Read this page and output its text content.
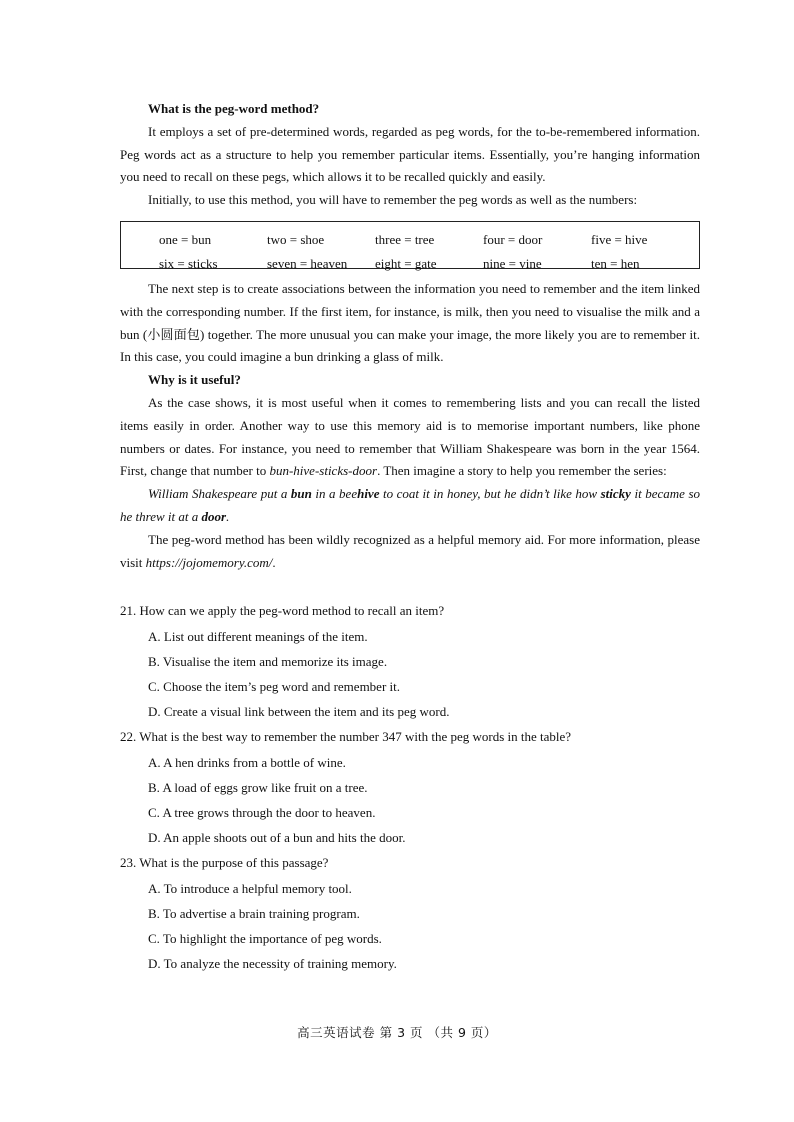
What is the peg-word method?

It employs a set of pre-determined words, regarded as peg words, for the to-be-remembered information. Peg words act as a structure to help you remember particular items. Essentially, you’re hanging information you need to recall on these pegs, which allows it to be recalled quickly and easily.

Initially, to use this method, you will have to remember the peg words as well as the numbers:

one = bun	two = shoe	three = tree	four = door	five = hive
six = sticks	seven = heaven	eight = gate	nine = vine	ten = hen

The next step is to create associations between the information you need to remember and the item linked with the corresponding number. If the first item, for instance, is milk, then you need to visualise the milk and a bun (小圆面包) together. The more unusual you can make your image, the more likely you are to remember it. In this case, you could imagine a bun drinking a glass of milk.

Why is it useful?

As the case shows, it is most useful when it comes to remembering lists and you can recall the listed items easily in order. Another way to use this memory aid is to memorise important numbers, like phone numbers or dates. For instance, you need to remember that William Shakespeare was born in the year 1564. First, change that number to bun-hive-sticks-door. Then imagine a story to help you remember the series:

William Shakespeare put a bun in a beehive to coat it in honey, but he didn’t like how sticky it became so he threw it at a door.

The peg-word method has been wildly recognized as a helpful memory aid. For more information, please visit https://jojomemory.com/.

21. How can we apply the peg-word method to recall an item?

A. List out different meanings of the item.

B. Visualise the item and memorize its image.

C. Choose the item’s peg word and remember it.

D. Create a visual link between the item and its peg word.

22. What is the best way to remember the number 347 with the peg words in the table?

A. A hen drinks from a bottle of wine.

B. A load of eggs grow like fruit on a tree.

C. A tree grows through the door to heaven.

D. An apple shoots out of a bun and hits the door.

23. What is the purpose of this passage?

A. To introduce a helpful memory tool.

B. To advertise a brain training program.

C. To highlight the importance of peg words.

D. To analyze the necessity of training memory.

高三英语试卷 第 3 页 （共 9 页）
